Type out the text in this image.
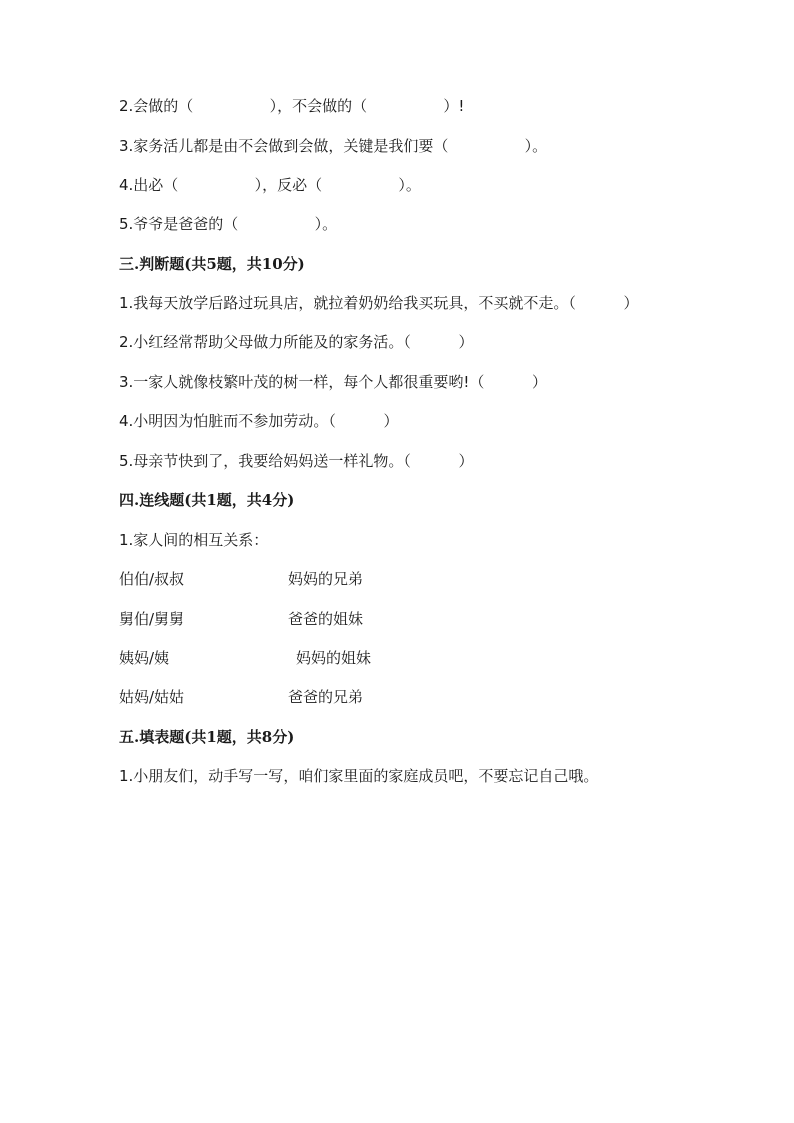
2.会做的（                ），不会做的（                ）!
3.家务活儿都是由不会做到会做，关键是我们要（                ）。
4.出必（                ），反必（                ）。
5.爷爷是爸爸的（                ）。
三.判断题(共5题，共10分)
1.我每天放学后路过玩具店，就拉着奶奶给我买玩具，不买就不走。（          ）
2.小红经常帮助父母做力所能及的家务活。（          ）
3.一家人就像枝繁叶茂的树一样，每个人都很重要哟!（          ）
4.小明因为怕脏而不参加劳动。（          ）
5.母亲节快到了，我要给妈妈送一样礼物。（          ）
四.连线题(共1题，共4分)
1.家人间的相互关系：
伯伯/叔叔	妈妈的兄弟
舅伯/舅舅	爸爸的姐妹
姨妈/姨	妈妈的姐妹
姑妈/姑姑	爸爸的兄弟
五.填表题(共1题，共8分)
1.小朋友们，动手写一写，咱们家里面的家庭成员吧，不要忘记自己哦。
